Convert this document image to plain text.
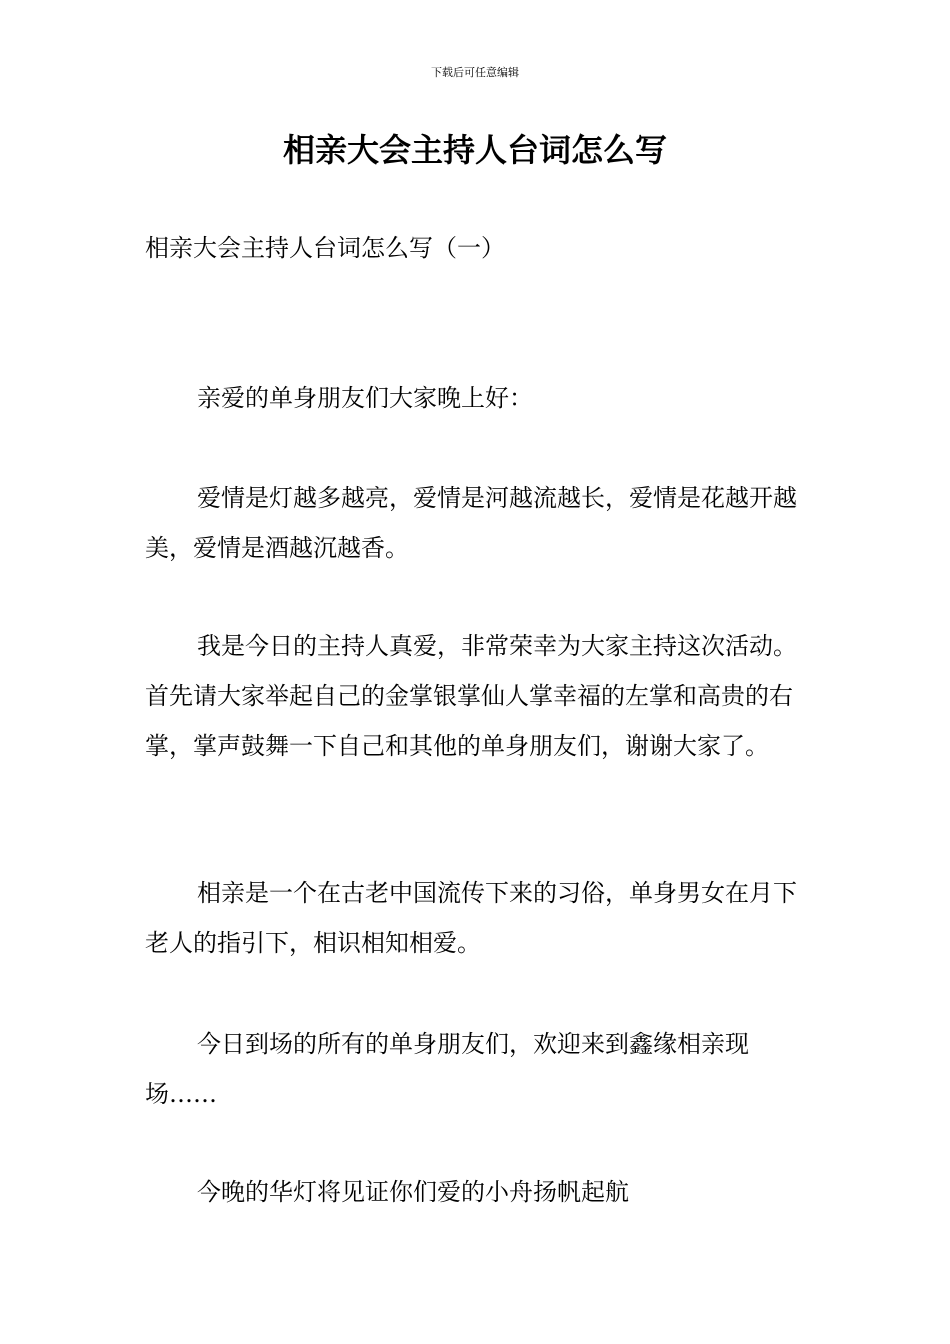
下载后可任意编辑
相亲大会主持人台词怎么写
相亲大会主持人台词怎么写（一）

亲爱的单身朋友们大家晚上好：

爱情是灯越多越亮，爱情是河越流越长，爱情是花越开越美，爱情是酒越沉越香。

我是今日的主持人真爱，非常荣幸为大家主持这次活动。首先请大家举起自己的金掌银掌仙人掌幸福的左掌和高贵的右掌，掌声鼓舞一下自己和其他的单身朋友们，谢谢大家了。

相亲是一个在古老中国流传下来的习俗，单身男女在月下老人的指引下，相识相知相爱。

今日到场的所有的单身朋友们，欢迎来到鑫缘相亲现场……

今晚的华灯将见证你们爱的小舟扬帆起航
